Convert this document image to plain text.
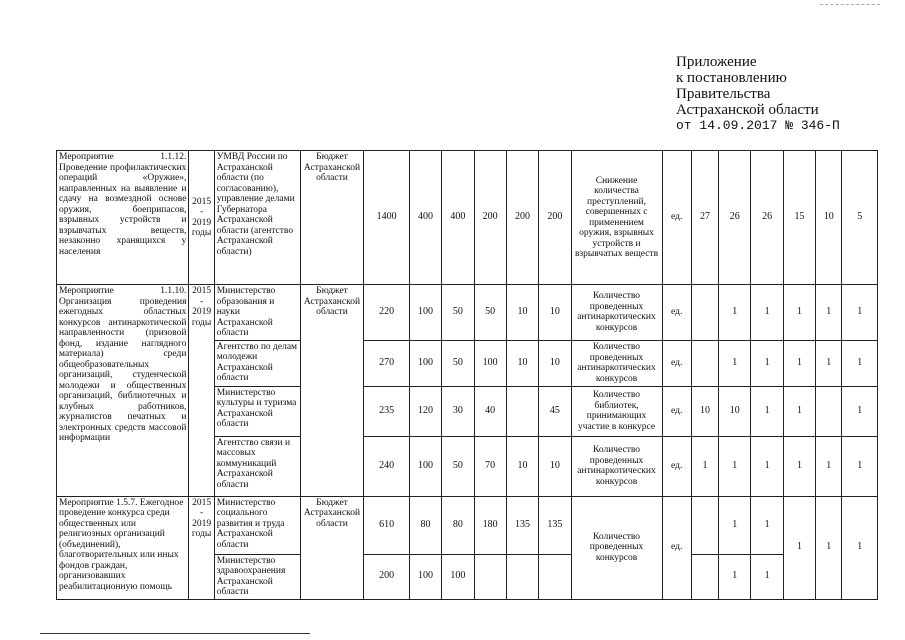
Приложение
к постановлению
Правительства
Астраханской области
от 14.09.2017 № 346-П
Мероприятие 1.1.12. Проведение профилактических операций «Оружие», направленных на выявление и сдачу на возмездной основе оружия, боеприпасов, взрывных устройств и взрывчатых веществ, незаконно хранящихся у населения	2015 - 2019 годы	УМВД России по Астраханской области (по согласованию), управление делами Губернатора Астраханской области (агентство Астраханской области)	Бюджет Астраханской области	1400	400	400	200	200	200	Снижение количества преступлений, совершенных с применением оружия, взрывных устройств и взрывчатых веществ	ед.	27	26	26	15	10	5
Мероприятие 1.1.10. Организация проведения ежегодных областных конкурсов антинаркотической направленности (призовой фонд, издание наглядного материала) среди общеобразовательных организаций, студенческой молодежи и общественных организаций, библиотечных и клубных работников, журналистов печатных и электронных средств массовой информации	2015 - 2019 годы	Министерство образования и науки Астраханской области	Бюджет Астраханской области	220	100	50	50	10	10	Количество проведенных антинаркотических конкурсов	ед.		1	1	1	1	1
		Агентство по делам молодежи Астраханской области		270	100	50	100	10	10	Количество проведенных антинаркотических конкурсов	ед.		1	1	1	1	1
		Министерство культуры и туризма Астраханской области		235	120	30	40		45	Количество библиотек, принимающих участие в конкурсе	ед.	10	10	1	1		1
		Агентство связи и массовых коммуникаций Астраханской области		240	100	50	70	10	10	Количество проведенных антинаркотических конкурсов	ед.	1	1	1	1	1	1
Мероприятие 1.5.7. Ежегодное проведение конкурса среди общественных или религиозных организаций (объединений), благотворительных или иных фондов граждан, организовавших реабилитационную помощь	2015 - 2019 годы	Министерство социального развития и труда Астраханской области	Бюджет Астраханской области	610	80	80	180	135	135	Количество проведенных конкурсов	ед.		1	1	1	1	1
		Министерство здравоохранения Астраханской области		200	100	100							1	1			
